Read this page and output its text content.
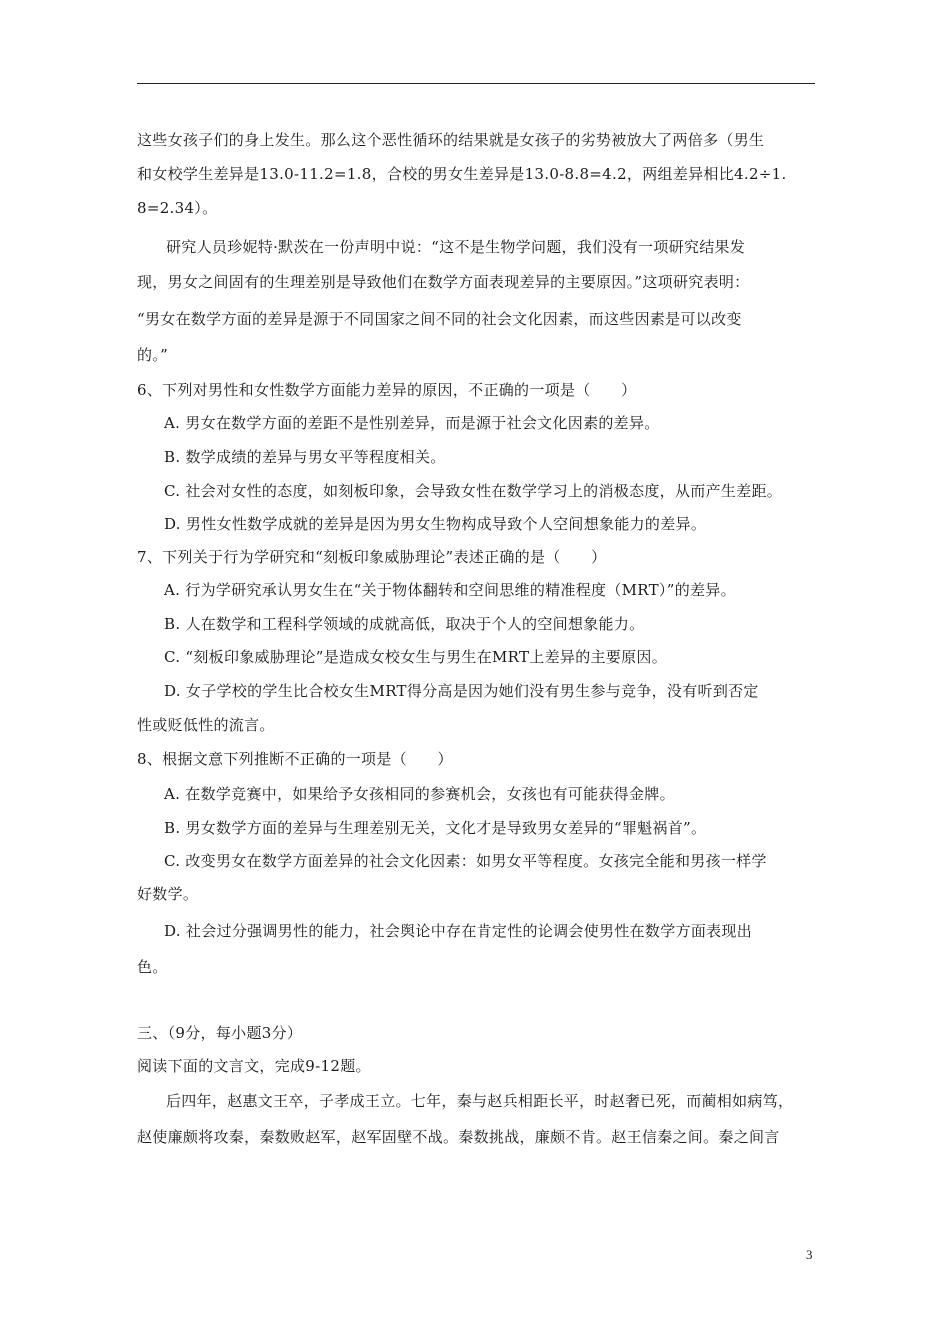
这些女孩子们的身上发生。那么这个恶性循环的结果就是女孩子的劣势被放大了两倍多（男生
和女校学生差异是13.0-11.2=1.8，合校的男女生差异是13.0-8.8=4.2，两组差异相比4.2÷1.
8=2.34）。
研究人员珍妮特·默茨在一份声明中说：“这不是生物学问题，我们没有一项研究结果发
现，男女之间固有的生理差别是导致他们在数学方面表现差异的主要原因。”这项研究表明：
“男女在数学方面的差异是源于不同国家之间不同的社会文化因素，而这些因素是可以改变
的。”
6、下列对男性和女性数学方面能力差异的原因，不正确的一项是（　　）
A. 男女在数学方面的差距不是性别差异，而是源于社会文化因素的差异。
B. 数学成绩的差异与男女平等程度相关。
C. 社会对女性的态度，如刻板印象，会导致女性在数学学习上的消极态度，从而产生差距。
D. 男性女性数学成就的差异是因为男女生物构成导致个人空间想象能力的差异。
7、下列关于行为学研究和“刻板印象威胁理论”表述正确的是（　　）
A. 行为学研究承认男女生在“关于物体翻转和空间思维的精准程度（MRT）”的差异。
B. 人在数学和工程科学领域的成就高低，取决于个人的空间想象能力。
C. “刻板印象威胁理论”是造成女校女生与男生在MRT上差异的主要原因。
D. 女子学校的学生比合校女生MRT得分高是因为她们没有男生参与竞争，没有听到否定
性或贬低性的流言。
8、根据文意下列推断不正确的一项是（　　）
A. 在数学竞赛中，如果给予女孩相同的参赛机会，女孩也有可能获得金牌。
B. 男女数学方面的差异与生理差别无关，文化才是导致男女差异的“罪魁祸首”。
C. 改变男女在数学方面差异的社会文化因素：如男女平等程度。女孩完全能和男孩一样学
好数学。
D. 社会过分强调男性的能力，社会舆论中存在肯定性的论调会使男性在数学方面表现出
色。
三、（9分，每小题3分）
阅读下面的文言文，完成9-12题。
后四年，赵惠文王卒，子孝成王立。七年，秦与赵兵相距长平，时赵奢已死，而蔺相如病笃，
赵使廉颇将攻秦，秦数败赵军，赵军固壁不战。秦数挑战，廉颇不肯。赵王信秦之间。秦之间言
3
